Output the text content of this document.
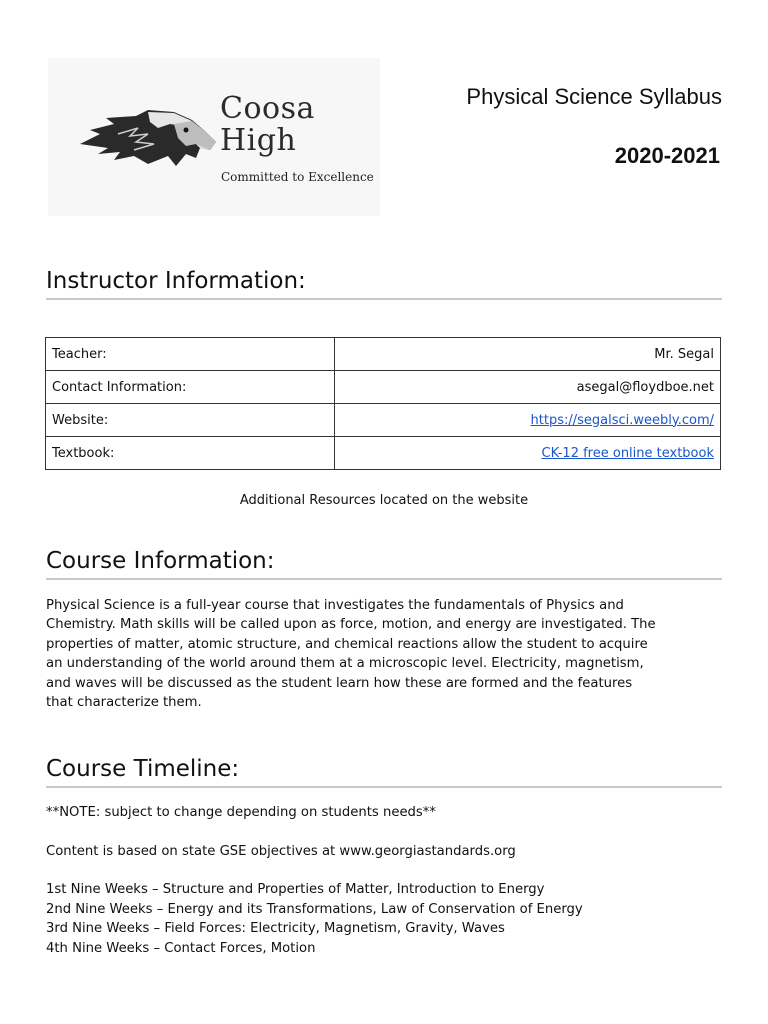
Coosa
High
Committed to Excellence
Physical Science Syllabus
2020-2021
Instructor Information:
Teacher:	Mr. Segal
Contact Information:	asegal@floydboe.net
Website:	https://segalsci.weebly.com/
Textbook:	CK-12 free online textbook
Additional Resources located on the website
Course Information:
Physical Science is a full-year course that investigates the fundamentals of Physics and
Chemistry. Math skills will be called upon as force, motion, and energy are investigated. The
properties of matter, atomic structure, and chemical reactions allow the student to acquire
an understanding of the world around them at a microscopic level. Electricity, magnetism,
and waves will be discussed as the student learn how these are formed and the features
that characterize them.
Course Timeline:
**NOTE: subject to change depending on students needs**
Content is based on state GSE objectives at www.georgiastandards.org
1st Nine Weeks – Structure and Properties of Matter, Introduction to Energy
2nd Nine Weeks – Energy and its Transformations, Law of Conservation of Energy
3rd Nine Weeks – Field Forces: Electricity, Magnetism, Gravity, Waves
4th Nine Weeks – Contact Forces, Motion
